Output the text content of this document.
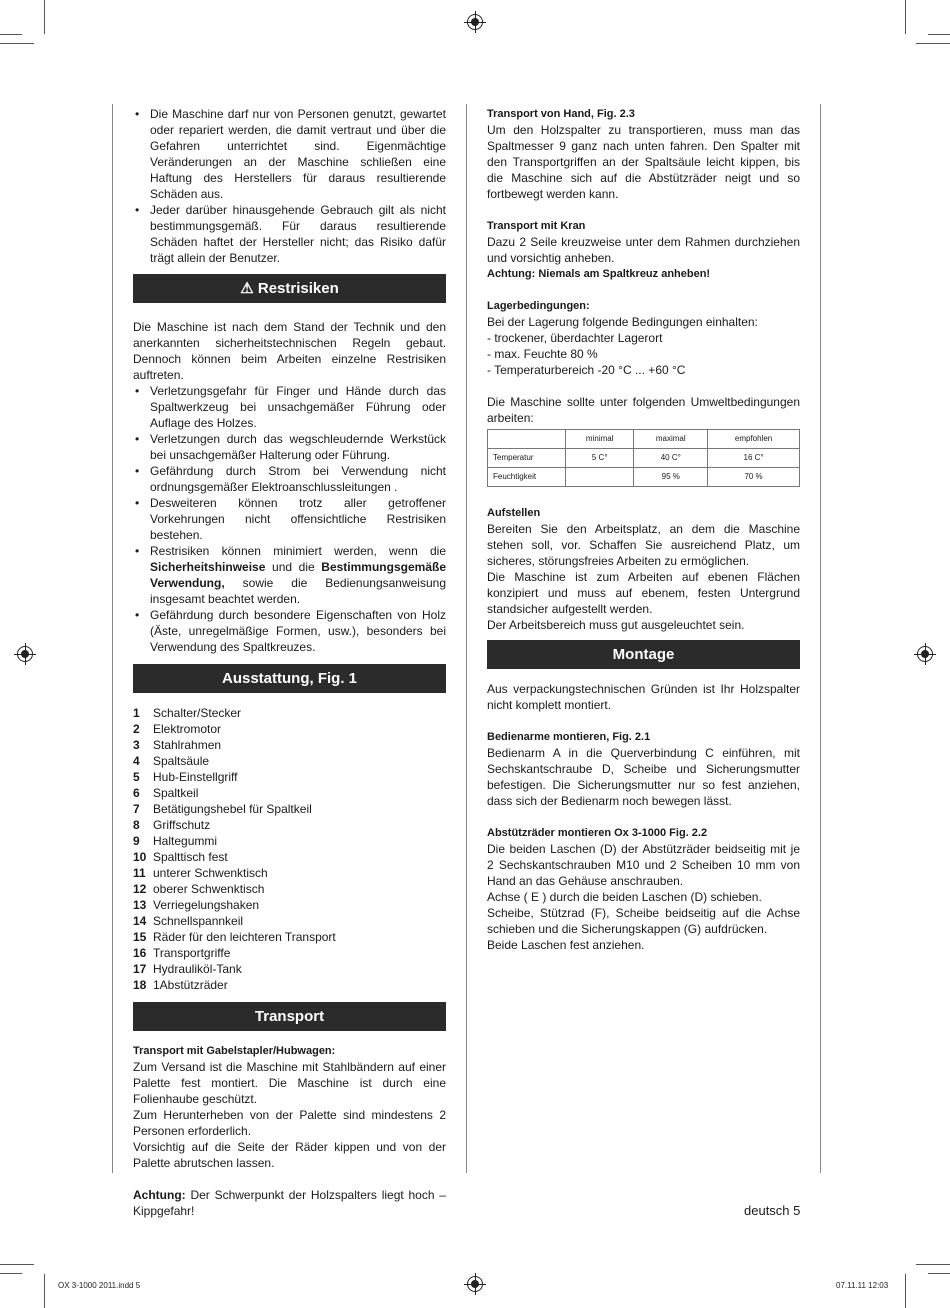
• Die Maschine darf nur von Personen genutzt, gewartet oder repariert werden, die damit vertraut und über die Gefahren unterrichtet sind. Eigenmächtige Veränderungen an der Maschine schließen eine Haftung des Herstellers für daraus resultierende Schäden aus.
• Jeder darüber hinausgehende Gebrauch gilt als nicht bestimmungsgemäß. Für daraus resultierende Schäden haftet der Hersteller nicht; das Risiko dafür trägt allein der Benutzer.
⚠ Restrisiken

Die Maschine ist nach dem Stand der Technik und den anerkannten sicherheitstechnischen Regeln gebaut. Dennoch können beim Arbeiten einzelne Restrisiken auftreten.

• Verletzungsgefahr für Finger und Hände durch das Spaltwerkzeug bei unsachgemäßer Führung oder Auflage des Holzes.
• Verletzungen durch das wegschleudernde Werkstück bei unsachgemäßer Halterung oder Führung.
• Gefährdung durch Strom bei Verwendung nicht ordnungsgemäßer Elektroanschlussleitungen .
• Desweiteren können trotz aller getroffener Vorkehrungen nicht offensichtliche Restrisiken bestehen.
• Restrisiken können minimiert werden, wenn die Sicherheitshinweise und die Bestimmungsgemäße Verwendung, sowie die Bedienungsanweisung insgesamt beachtet werden.
• Gefährdung durch besondere Eigenschaften von Holz (Äste, unregelmäßige Formen, usw.), besonders bei Verwendung des Spaltkreuzes.
Ausstattung, Fig. 1
1	Schalter/Stecker
2	Elektromotor
3	Stahlrahmen
4	Spaltsäule
5	Hub-Einstellgriff
6	Spaltkeil
7	Betätigungshebel für Spaltkeil
8	Griffschutz
9	Haltegummi
10 Spalttisch fest
11 unterer Schwenktisch
12 oberer Schwenktisch
13 Verriegelungshaken
14 Schnellspannkeil
15 Räder für den leichteren Transport
16 Transportgriffe
17 Hydrauliköl-Tank
18 1Abstützräder
Transport

Transport mit Gabelstapler/Hubwagen:

Zum Versand ist die Maschine mit Stahlbändern auf einer Palette fest montiert. Die Maschine ist durch eine Folienhaube geschützt.

Zum Herunterheben von der Palette sind mindestens 2 Personen erforderlich.

Vorsichtig auf die Seite der Räder kippen und von der Palette abrutschen lassen.

Achtung: Der Schwerpunkt der Holzspalters liegt hoch – Kippgefahr!

Transport von Hand, Fig. 2.3

Um den Holzspalter zu transportieren, muss man das Spaltmesser 9 ganz nach unten fahren. Den Spalter mit den Transportgriffen an der Spaltsäule leicht kippen, bis die Maschine sich auf die Abstützräder neigt und so fortbewegt werden kann.

Transport mit Kran

Dazu 2 Seile kreuzweise unter dem Rahmen durchziehen und vorsichtig anheben.

Achtung: Niemals am Spaltkreuz anheben!

Lagerbedingungen:

Bei der Lagerung folgende Bedingungen einhalten:

- trockener, überdachter Lagerort

- max. Feuchte 80 %

- Temperaturbereich -20 °C ... +60 °C

Die Maschine sollte unter folgenden Umweltbedingungen arbeiten:

	minimal	maximal	empfohlen
Temperatur	5 C°	40 C°	16 C°
Feuchtigkeit		95 %	70 %

Aufstellen

Bereiten Sie den Arbeitsplatz, an dem die Maschine stehen soll, vor. Schaffen Sie ausreichend Platz, um sicheres, störungsfreies Arbeiten zu ermöglichen.

Die Maschine ist zum Arbeiten auf ebenen Flächen konzipiert und muss auf ebenem, festen Untergrund standsicher aufgestellt werden.

Der Arbeitsbereich muss gut ausgeleuchtet sein.

Montage

Aus verpackungstechnischen Gründen ist Ihr Holzspalter nicht komplett montiert.

Bedienarme montieren, Fig. 2.1

Bedienarm A in die Querverbindung C einführen, mit Sechskantschraube D, Scheibe und Sicherungsmutter befestigen. Die Sicherungsmutter nur so fest anziehen, dass sich der Bedienarm noch bewegen lässt.

Abstützräder montieren Ox 3-1000 Fig. 2.2

Die beiden Laschen (D) der Abstützräder beidseitig mit je 2 Sechskantschrauben M10 und 2 Scheiben 10 mm von Hand an das Gehäuse anschrauben.

Achse ( E ) durch die beiden Laschen (D) schieben.

Scheibe, Stützrad (F), Scheibe beidseitig auf die Achse schieben und die Sicherungskappen (G) aufdrücken.

Beide Laschen fest anziehen.

deutsch 5
OX 3-1000 2011.indd 5	07.11.11 12:03
